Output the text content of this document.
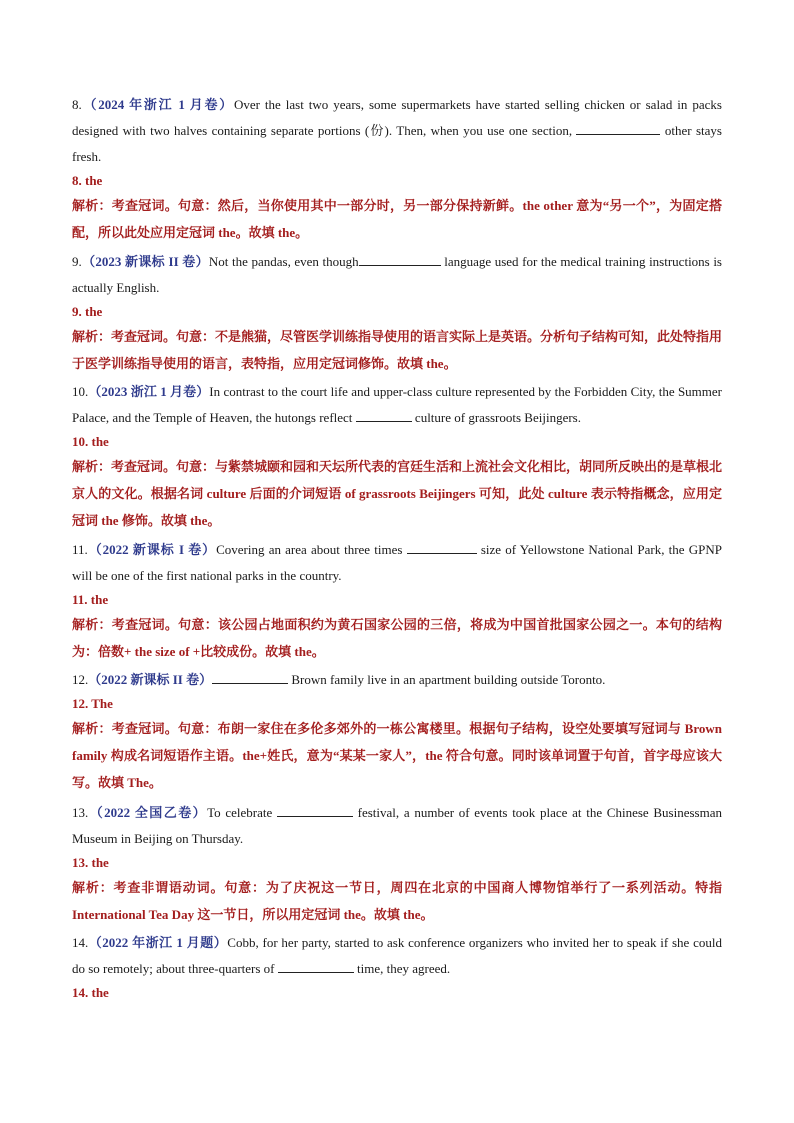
8.（2024 年浙江 1 月卷）Over the last two years, some supermarkets have started selling chicken or salad in packs designed with two halves containing separate portions (份). Then, when you use one section,	other stays fresh.

8. the

解析：考查冠词。句意：然后，当你使用其中一部分时，另一部分保持新鲜。the other 意为“另一个”，为固定搭配，所以此处应用定冠词 the。故填 the。

9.（2023 新课标 II 卷）Not the pandas, even though	language used for the medical training instructions is actually English.

9. the

解析：考查冠词。句意：不是熊猫，尽管医学训练指导使用的语言实际上是英语。分析句子结构可知，此处特指用于医学训练指导使用的语言，表特指，应用定冠词修饰。故填 the。

10.（2023 浙江 1 月卷）In contrast to the court life and upper-class culture represented by the Forbidden City, the Summer Palace, and the Temple of Heaven, the hutongs reflect	culture of grassroots Beijingers.

10. the

解析：考查冠词。句意：与紫禁城颐和园和天坛所代表的宫廷生活和上流社会文化相比，胡同所反映出的是草根北京人的文化。根据名词 culture 后面的介词短语 of grassroots Beijingers 可知，此处 culture 表示特指概念，应用定冠词 the 修饰。故填 the。

11.（2022 新课标 I 卷）Covering an area about three times	size of Yellowstone National Park, the GPNP will be one of the first national parks in the country.

11. the

解析：考查冠词。句意：该公园占地面积约为黄石国家公园的三倍，将成为中国首批国家公园之一。本句的结构为：倍数+ the size of +比较成份。故填 the。

12.（2022 新课标 II 卷）	Brown family live in an apartment building outside Toronto.

12. The

解析：考查冠词。句意：布朗一家住在多伦多郊外的一栋公寓楼里。根据句子结构，设空处要填写冠词与 Brown family 构成名词短语作主语。the+姓氏，意为“某某一家人”，the 符合句意。同时该单词置于句首，首字母应该大写。故填 The。

13.（2022 全国乙卷）To celebrate	festival, a number of events took place at the Chinese Businessman Museum in Beijing on Thursday.

13. the

解析：考查非谓语动词。句意：为了庆祝这一节日，周四在北京的中国商人博物馆举行了一系列活动。特指 International Tea Day 这一节日，所以用定冠词 the。故填 the。

14.（2022 年浙江 1 月题）Cobb, for her party, started to ask conference organizers who invited her to speak if she could do so remotely; about three-quarters of	time, they agreed.

14. the
